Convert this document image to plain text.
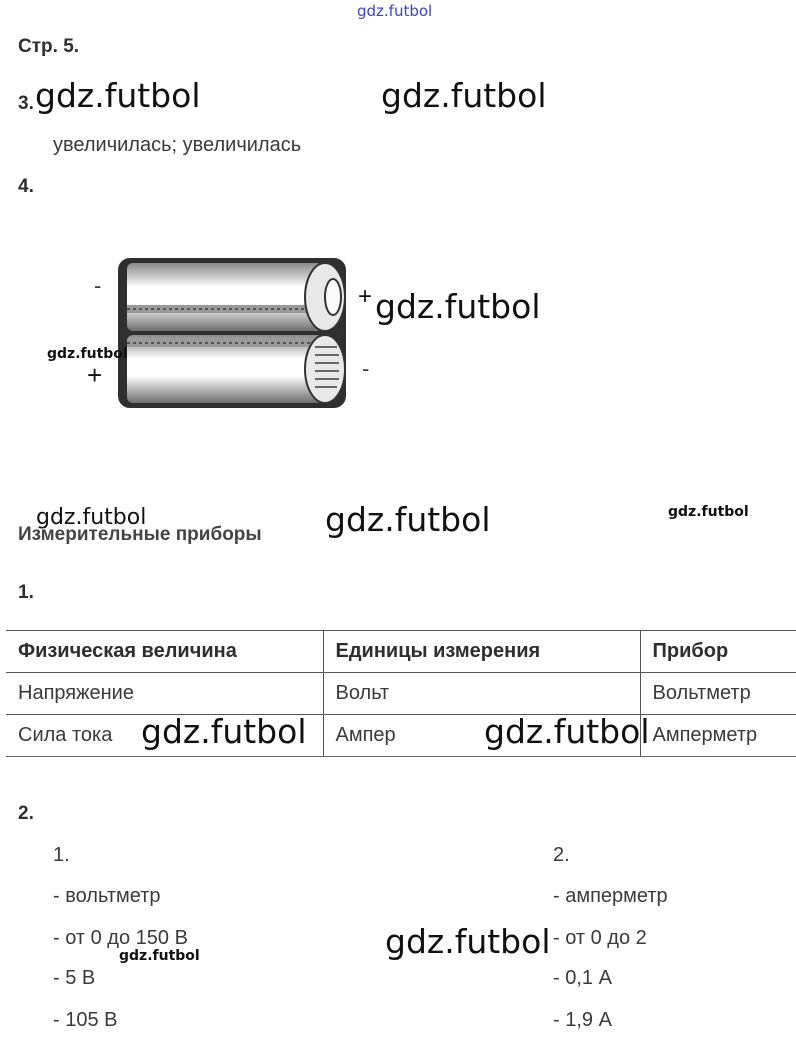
gdz.futbol
Стр. 5.
3. gdz.futbol	gdz.futbol
увеличилась; увеличилась
4.
-	+
+	-
gdz.futbol
gdz.futbol
Измерительные приборы
gdz.futbol	gdz.futbol	gdz.futbol
1.
Физическая величина	Единицы измерения	Прибор
Напряжение	Вольт	Вольтметр
Сила тока	Ампер	Амперметр
gdz.futbol	gdz.futbol
2.
1.
- вольтметр
- от 0 до 150 В
- 5 В
- 105 В
2.
- амперметр
- от 0 до 2
- 0,1 А
- 1,9 А
gdz.futbol
gdz.futbol
